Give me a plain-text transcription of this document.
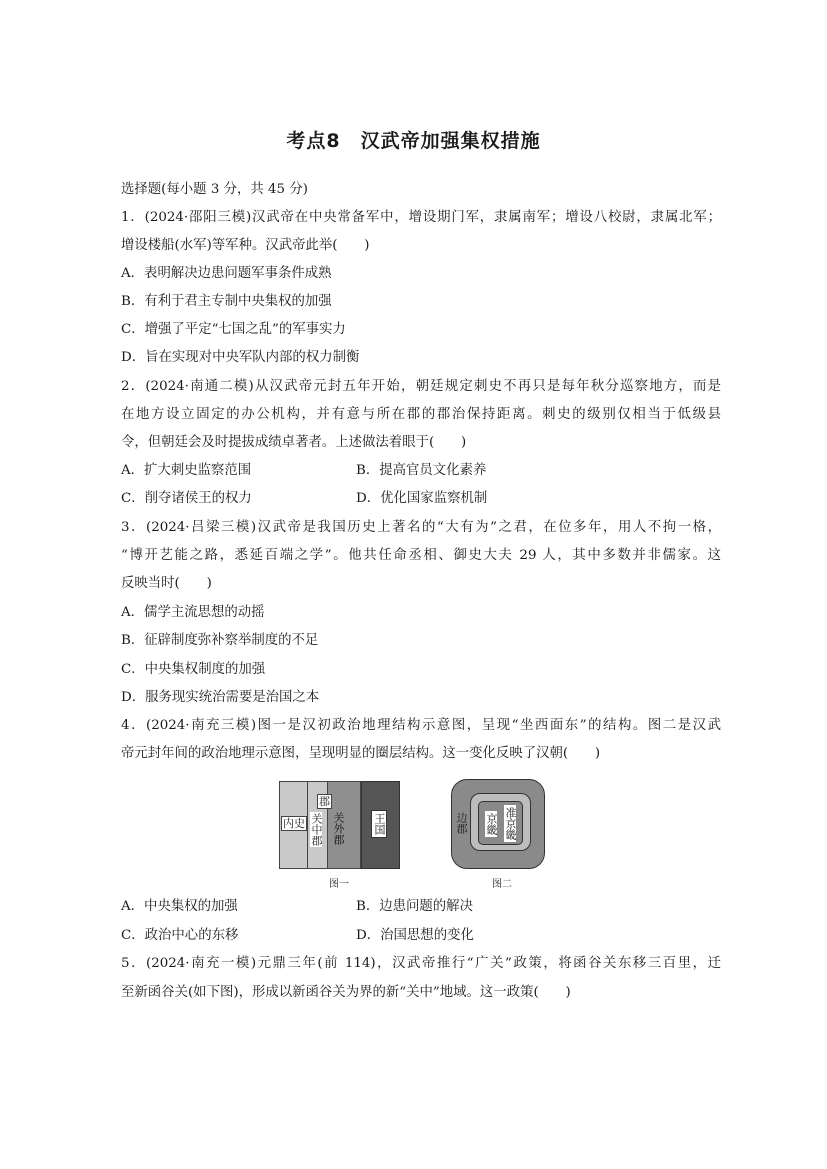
考点8　汉武帝加强集权措施
选择题(每小题 3 分，共 45 分)
1．(2024·邵阳三模)汉武帝在中央常备军中，增设期门军，隶属南军；增设八校尉，隶属北军；
增设楼船(水军)等军种。汉武帝此举(　　)
A．表明解决边患问题军事条件成熟
B．有利于君主专制中央集权的加强
C．增强了平定“七国之乱”的军事实力
D．旨在实现对中央军队内部的权力制衡
2．(2024·南通二模)从汉武帝元封五年开始，朝廷规定刺史不再只是每年秋分巡察地方，而是
在地方设立固定的办公机构，并有意与所在郡的郡治保持距离。刺史的级别仅相当于低级县
令，但朝廷会及时提拔成绩卓著者。上述做法着眼于(　　)
A．扩大刺史监察范围	B．提高官员文化素养
C．削夺诸侯王的权力	D．优化国家监察机制
3．(2024·吕梁三模)汉武帝是我国历史上著名的“大有为”之君，在位多年，用人不拘一格，
“博开艺能之路，悉延百端之学”。他共任命丞相、御史大夫 29 人，其中多数并非儒家。这
反映当时(　　)
A．儒学主流思想的动摇
B．征辟制度弥补察举制度的不足
C．中央集权制度的加强
D．服务现实统治需要是治国之本
4．(2024·南充三模)图一是汉初政治地理结构示意图，呈现“坐西面东”的结构。图二是汉武
帝元封年间的政治地理示意图，呈现明显的圈层结构。这一变化反映了汉朝(　　)
内史
郡
关中郡 关外郡	王国
图一
边郡 京畿 准京畿
图二
A．中央集权的加强	B．边患问题的解决
C．政治中心的东移	D．治国思想的变化
5．(2024·南充一模)元鼎三年(前 114)，汉武帝推行“广关”政策，将函谷关东移三百里，迁
至新函谷关(如下图)，形成以新函谷关为界的新“关中”地域。这一政策(　　)
